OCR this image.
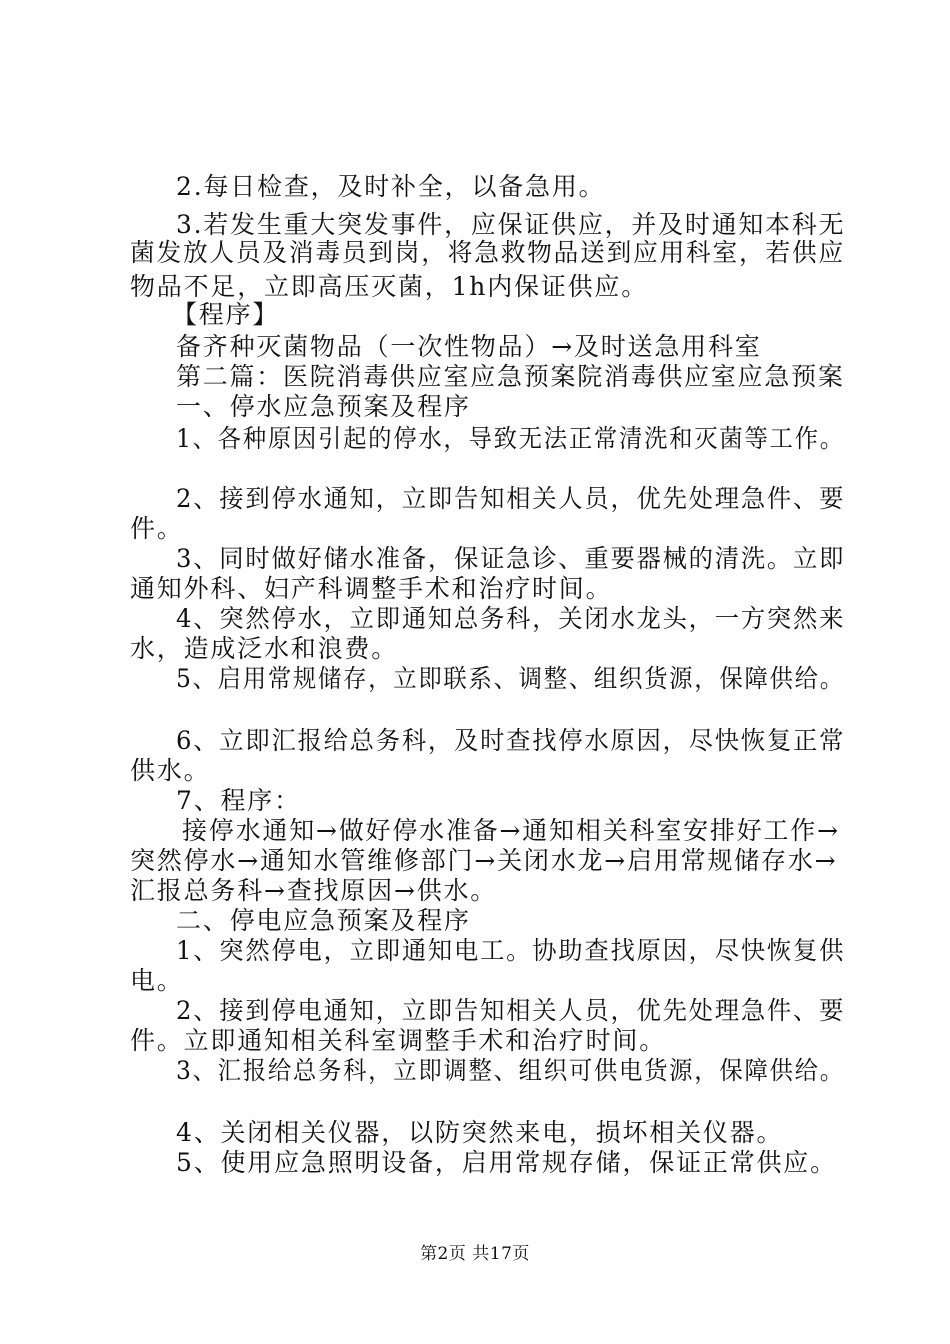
2.每日检查，及时补全，以备急用。
3.若发生重大突发事件，应保证供应，并及时通知本科无
菌发放人员及消毒员到岗，将急救物品送到应用科室，若供应
物品不足，立即高压灭菌，1h内保证供应。
【程序】
备齐种灭菌物品（一次性物品）→及时送急用科室
第二篇：医院消毒供应室应急预案院消毒供应室应急预案
一、停水应急预案及程序
1、各种原因引起的停水，导致无法正常清洗和灭菌等工作。
2、接到停水通知，立即告知相关人员，优先处理急件、要
件。
3、同时做好储水准备，保证急诊、重要器械的清洗。立即
通知外科、妇产科调整手术和治疗时间。
4、突然停水，立即通知总务科，关闭水龙头，一方突然来
水，造成泛水和浪费。
5、启用常规储存，立即联系、调整、组织货源，保障供给。
6、立即汇报给总务科，及时查找停水原因，尽快恢复正常
供水。
7、程序：
接停水通知→做好停水准备→通知相关科室安排好工作→
突然停水→通知水管维修部门→关闭水龙→启用常规储存水→
汇报总务科→查找原因→供水。
二、停电应急预案及程序
1、突然停电，立即通知电工。协助查找原因，尽快恢复供
电。
2、接到停电通知，立即告知相关人员，优先处理急件、要
件。立即通知相关科室调整手术和治疗时间。
3、汇报给总务科，立即调整、组织可供电货源，保障供给。
4、关闭相关仪器，以防突然来电，损坏相关仪器。
5、使用应急照明设备，启用常规存储，保证正常供应。
第2页 共17页
